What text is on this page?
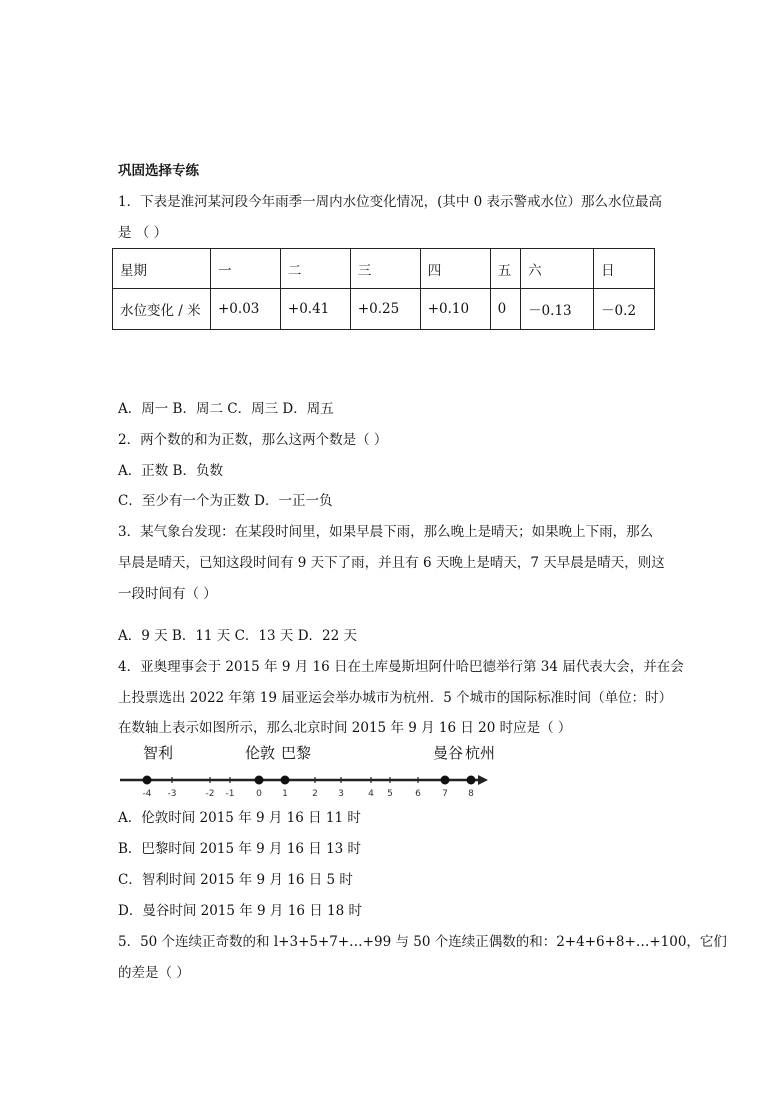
巩固选择专练
1．下表是淮河某河段今年雨季一周内水位变化情况，(其中 0 表示警戒水位）那么水位最高
是 （ ）
星期	一	二	三	四	五	六	日
水位变化 / 米	+0.03	+0.41	+0.25	+0.10	0	－0.13	－0.2
A．周一 B．周二 C．周三 D．周五
2．两个数的和为正数，那么这两个数是（ ）
A．正数 B．负数
C．至少有一个为正数 D．一正一负
3．某气象台发现：在某段时间里，如果早晨下雨，那么晚上是晴天；如果晚上下雨，那么
早晨是晴天，已知这段时间有 9 天下了雨，并且有 6 天晚上是晴天，7 天早晨是晴天，则这
一段时间有（ ）
A．9 天 B．11 天 C．13 天 D．22 天
4．亚奥理事会于 2015 年 9 月 16 日在土库曼斯坦阿什哈巴德举行第 34 届代表大会，并在会
上投票选出 2022 年第 19 届亚运会举办城市为杭州．5 个城市的国际标准时间（单位：时）
在数轴上表示如图所示，那么北京时间 2015 年 9 月 16 日 20 时应是（ ）
智利	伦敦 巴黎	曼谷 杭州
-4 -3	-2 -1 0 1	2 3	4 5 6 7 8
A．伦敦时间 2015 年 9 月 16 日 11 时
B．巴黎时间 2015 年 9 月 16 日 13 时
C．智利时间 2015 年 9 月 16 日 5 时
D．曼谷时间 2015 年 9 月 16 日 18 时
5．50 个连续正奇数的和 l+3+5+7+…+99 与 50 个连续正偶数的和：2+4+6+8+…+100，它们
的差是（ ）
